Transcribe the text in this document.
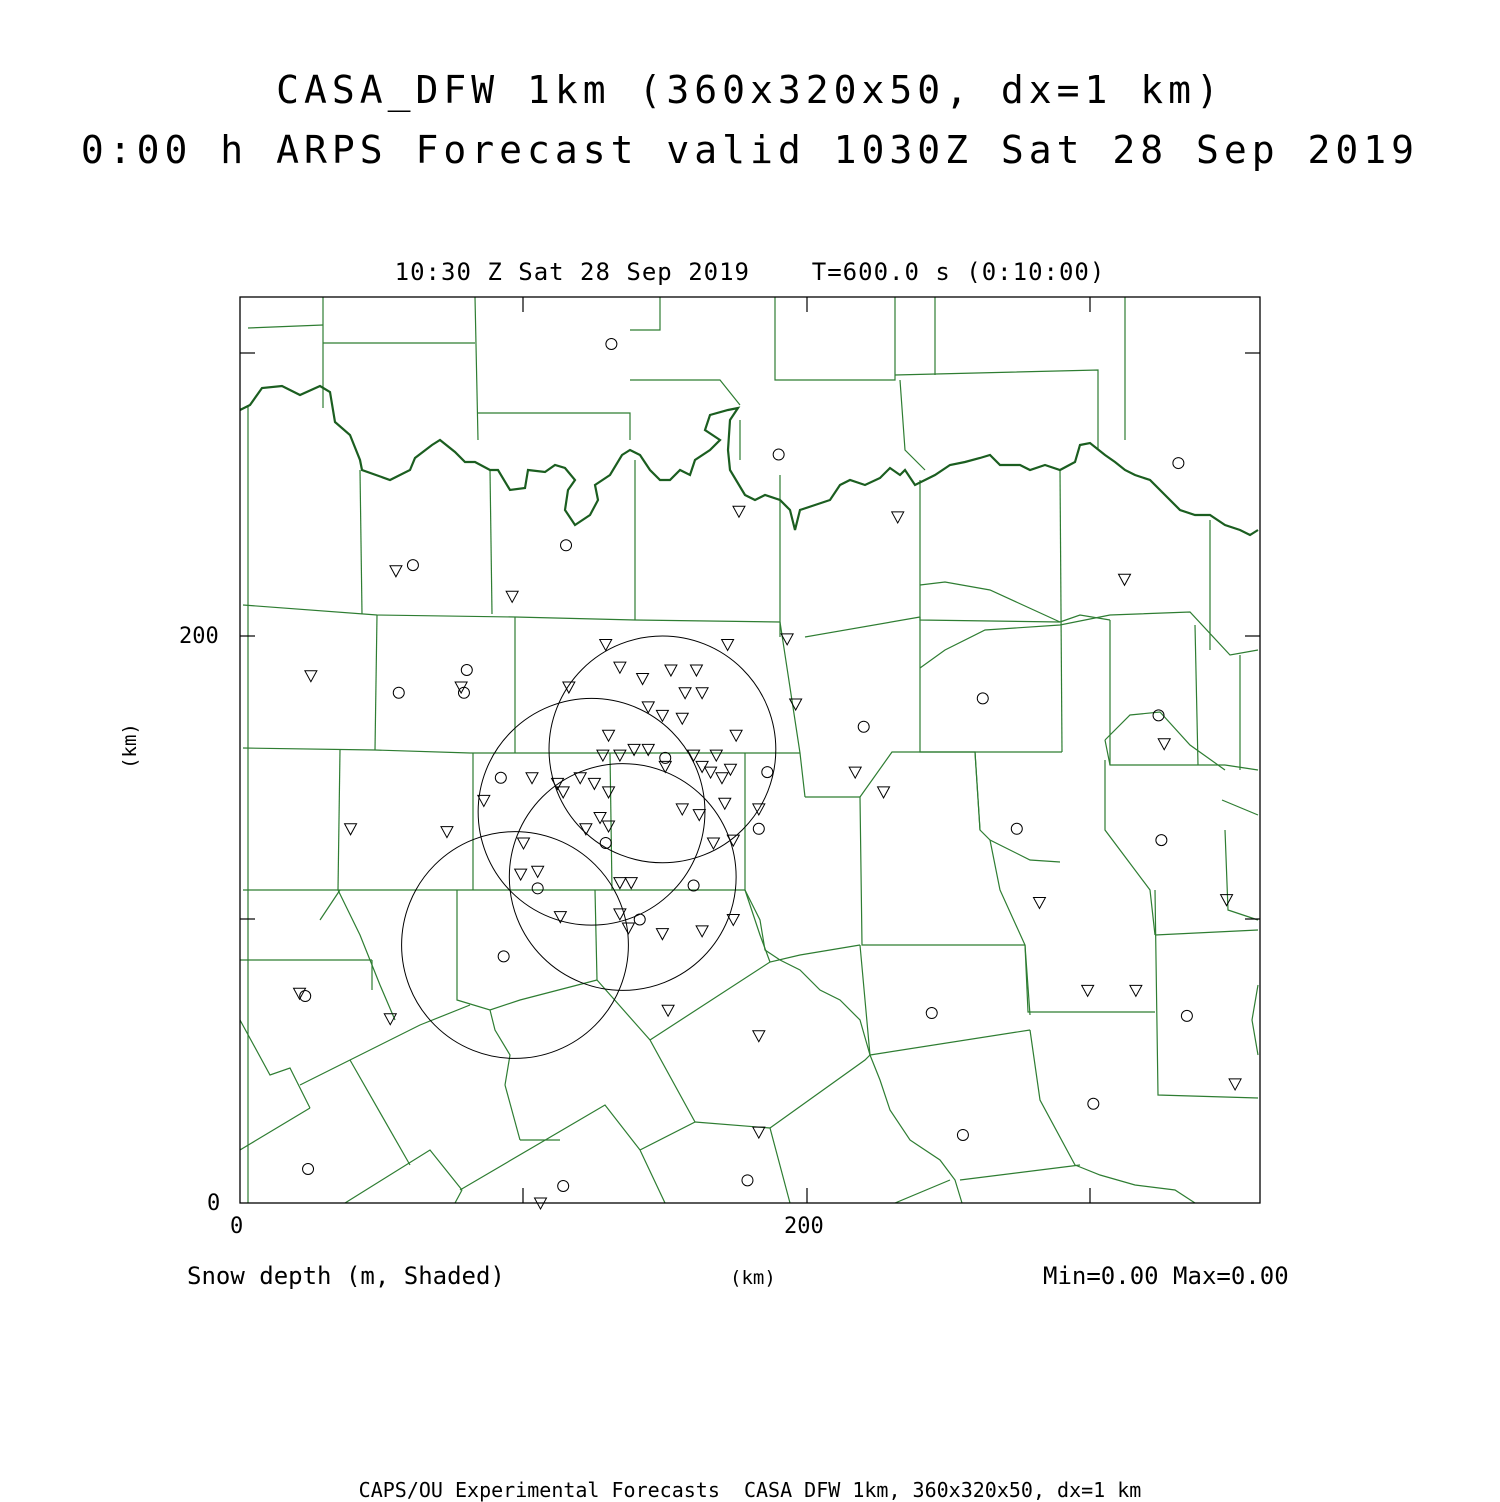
CASA_DFW 1km (360x320x50, dx=1 km)
0:00 h ARPS Forecast valid 1030Z Sat 28 Sep 2019
10:30 Z Sat 28 Sep 2019    T=600.0 s (0:10:00)
0
200
0	200
(km)
(km)
Snow depth (m, Shaded)	Min=0.00 Max=0.00
CAPS/OU Experimental Forecasts  CASA DFW 1km, 360x320x50, dx=1 km
